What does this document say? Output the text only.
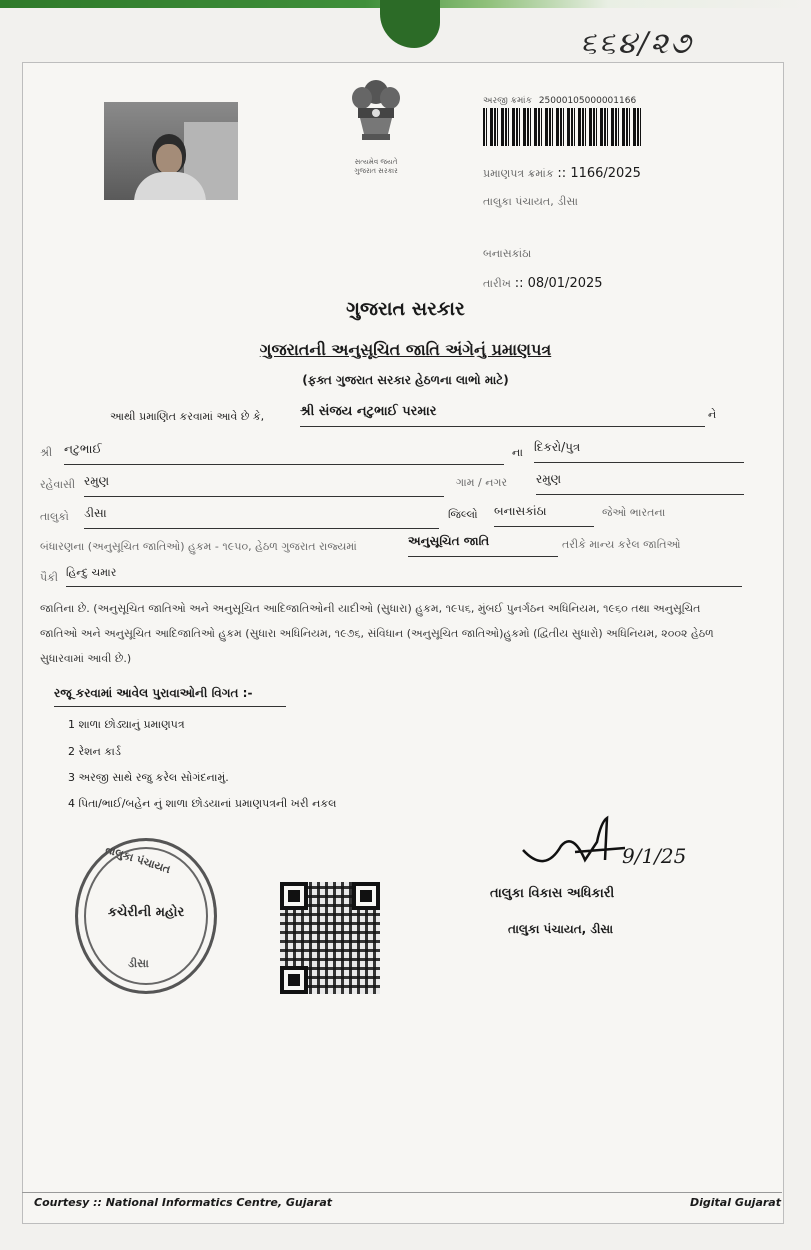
૬૬૪/૨૭
સત્યમેવ જયતે
ગુજરાત સરકાર
અરજી ક્રમાંક 25000105000001166
પ્રમાણપત્ર ક્રમાંક :: 1166/2025
તાલુકા પંચાયત, ડીસા
બનાસકાંઠા
તારીખ :: 08/01/2025
ગુજરાત સરકાર
ગુજરાતની અનુસૂચિત જાતિ અંગેનું પ્રમાણપત્ર
(ફક્ત ગુજરાત સરકાર હેઠળના લાભો માટે)
આથી પ્રમાણિત કરવામાં આવે છે કે,	શ્રી સંજય નટુભાઈ પરમાર	ને
શ્રી નટુભાઈ	ના દિકરો/પુત્ર
રહેવાસી રમુણ	ગામ / નગર રમુણ
તાલુકો ડીસા	જિલ્લો બનાસકાંઠા	જેઓ ભારતના
બંધારણના (અનુસૂચિત જાતિઓ) હુકમ - ૧૯૫૦, હેઠળ ગુજરાત રાજ્યમાં	અનુસૂચિત જાતિ	તરીકે માન્ય કરેલ જાતિઓ
પૈકી હિન્દુ ચમાર
જાતિના છે. (અનુસૂચિત જાતિઓ અને અનુસૂચિત આદિજાતિઓની યાદીઓ (સુધારા) હુકમ, ૧૯૫૬, મુંબઈ પુનર્ગઠન અધિનિયમ, ૧૯૬૦ તથા અનુસૂચિત જાતિઓ અને અનુસૂચિત આદિજાતિઓ હુકમ (સુધારા અધિનિયમ, ૧૯૭૬, સંવિધાન (અનુસૂચિત જાતિઓ)હુકમો (દ્વિતીય સુધારો) અધિનિયમ, ૨૦૦૨ હેઠળ સુધારવામાં આવી છે.)
રજૂ કરવામાં આવેલ પુરાવાઓની વિગત :-
1 શાળા છોડ્યાનું પ્રમાણપત્ર
2 રેશન કાર્ડ
3 અરજી સાથે રજુ કરેલ સોગંદનામું.
4 પિતા/ભાઈ/બહેન નું શાળા છોડયાનાં પ્રમાણપત્રની ખરી નકલ
તાલુકા પંચાયત
કચેરીની મહોર
ડીસા
9/1/25
તાલુકા વિકાસ અધિકારી
તાલુકા પંચાયત, ડીસા
Courtesy :: National Informatics Centre, Gujarat	Digital Gujarat
